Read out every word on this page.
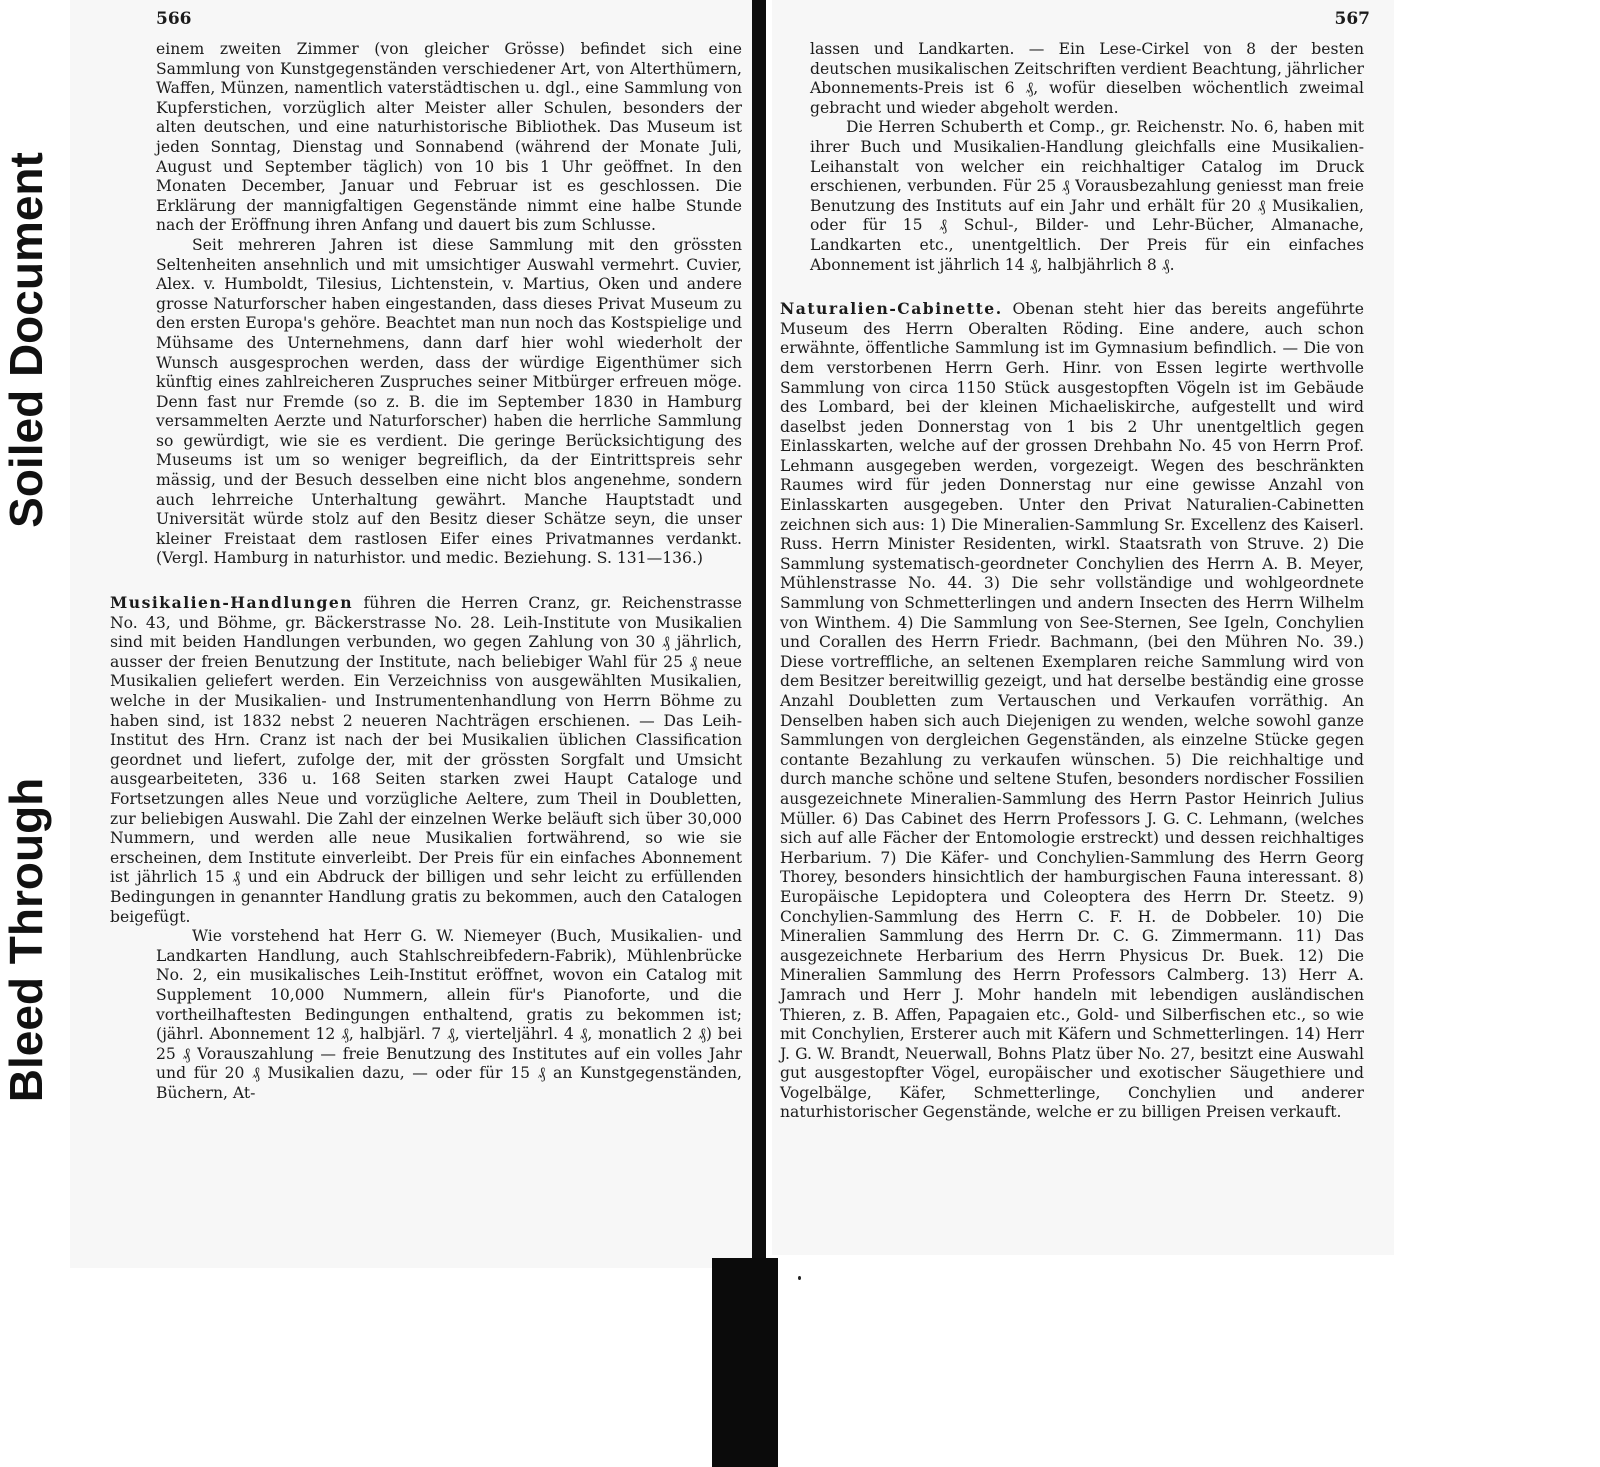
Soiled Document
Bleed Through
566

einem zweiten Zimmer (von gleicher Grösse) befindet sich eine Sammlung von Kunstgegenständen verschiedener Art, von Alterthümern, Waffen, Münzen, namentlich vaterstädtischen u. dgl., eine Sammlung von Kupferstichen, vorzüglich alter Meister aller Schulen, besonders der alten deutschen, und eine naturhistorische Bibliothek. Das Museum ist jeden Sonntag, Dienstag und Sonnabend (während der Monate Juli, August und September täglich) von 10 bis 1 Uhr geöffnet. In den Monaten December, Januar und Februar ist es geschlossen. Die Erklärung der mannigfaltigen Gegenstände nimmt eine halbe Stunde nach der Eröffnung ihren Anfang und dauert bis zum Schlusse.

Seit mehreren Jahren ist diese Sammlung mit den grössten Seltenheiten ansehnlich und mit umsichtiger Auswahl vermehrt. Cuvier, Alex. v. Humboldt, Tilesius, Lichtenstein, v. Martius, Oken und andere grosse Naturforscher haben eingestanden, dass dieses Privat Museum zu den ersten Europa's gehöre. Beachtet man nun noch das Kostspielige und Mühsame des Unternehmens, dann darf hier wohl wiederholt der Wunsch ausgesprochen werden, dass der würdige Eigenthümer sich künftig eines zahlreicheren Zuspruches seiner Mitbürger erfreuen möge. Denn fast nur Fremde (so z. B. die im September 1830 in Hamburg versammelten Aerzte und Naturforscher) haben die herrliche Sammlung so gewürdigt, wie sie es verdient. Die geringe Berücksichtigung des Museums ist um so weniger begreiflich, da der Eintrittspreis sehr mässig, und der Besuch desselben eine nicht blos angenehme, sondern auch lehrreiche Unterhaltung gewährt. Manche Hauptstadt und Universität würde stolz auf den Besitz dieser Schätze seyn, die unser kleiner Freistaat dem rastlosen Eifer eines Privatmannes verdankt. (Vergl. Hamburg in naturhistor. und medic. Beziehung. S. 131—136.)

Musikalien-Handlungen führen die Herren Cranz, gr. Reichenstrasse No. 43, und Böhme, gr. Bäckerstrasse No. 28. Leih-Institute von Musikalien sind mit beiden Handlungen verbunden, wo gegen Zahlung von 30 ₰ jährlich, ausser der freien Benutzung der Institute, nach beliebiger Wahl für 25 ₰ neue Musikalien geliefert werden. Ein Verzeichniss von ausgewählten Musikalien, welche in der Musikalien- und Instrumentenhandlung von Herrn Böhme zu haben sind, ist 1832 nebst 2 neueren Nachträgen erschienen. — Das Leih-Institut des Hrn. Cranz ist nach der bei Musikalien üblichen Classification geordnet und liefert, zufolge der, mit der grössten Sorgfalt und Umsicht ausgearbeiteten, 336 u. 168 Seiten starken zwei Haupt Cataloge und Fortsetzungen alles Neue und vorzügliche Aeltere, zum Theil in Doubletten, zur beliebigen Auswahl. Die Zahl der einzelnen Werke beläuft sich über 30,000 Nummern, und werden alle neue Musikalien fortwährend, so wie sie erscheinen, dem Institute einverleibt. Der Preis für ein einfaches Abonnement ist jährlich 15 ₰ und ein Abdruck der billigen und sehr leicht zu erfüllenden Bedingungen in genannter Handlung gratis zu bekommen, auch den Catalogen beigefügt.

Wie vorstehend hat Herr G. W. Niemeyer (Buch, Musikalien- und Landkarten Handlung, auch Stahlschreibfedern-Fabrik), Mühlenbrücke No. 2, ein musikalisches Leih-Institut eröffnet, wovon ein Catalog mit Supplement 10,000 Nummern, allein für's Pianoforte, und die vortheilhaftesten Bedingungen enthaltend, gratis zu bekommen ist; (jährl. Abonnement 12 ₰, halbjärl. 7 ₰, vierteljährl. 4 ₰, monatlich 2 ₰) bei 25 ₰ Vorauszahlung — freie Benutzung des Institutes auf ein volles Jahr und für 20 ₰ Musikalien dazu, — oder für 15 ₰ an Kunstgegenständen, Büchern, At-

567

lassen und Landkarten. — Ein Lese-Cirkel von 8 der besten deutschen musikalischen Zeitschriften verdient Beachtung, jährlicher Abonnements-Preis ist 6 ₰, wofür dieselben wöchentlich zweimal gebracht und wieder abgeholt werden.

Die Herren Schuberth et Comp., gr. Reichenstr. No. 6, haben mit ihrer Buch und Musikalien-Handlung gleichfalls eine Musikalien-Leihanstalt von welcher ein reichhaltiger Catalog im Druck erschienen, verbunden. Für 25 ₰ Vorausbezahlung geniesst man freie Benutzung des Instituts auf ein Jahr und erhält für 20 ₰ Musikalien, oder für 15 ₰ Schul-, Bilder- und Lehr-Bücher, Almanache, Landkarten etc., unentgeltlich. Der Preis für ein einfaches Abonnement ist jährlich 14 ₰, halbjährlich 8 ₰.

Naturalien-Cabinette. Obenan steht hier das bereits angeführte Museum des Herrn Oberalten Röding. Eine andere, auch schon erwähnte, öffentliche Sammlung ist im Gymnasium befindlich. — Die von dem verstorbenen Herrn Gerh. Hinr. von Essen legirte werthvolle Sammlung von circa 1150 Stück ausgestopften Vögeln ist im Gebäude des Lombard, bei der kleinen Michaeliskirche, aufgestellt und wird daselbst jeden Donnerstag von 1 bis 2 Uhr unentgeltlich gegen Einlasskarten, welche auf der grossen Drehbahn No. 45 von Herrn Prof. Lehmann ausgegeben werden, vorgezeigt. Wegen des beschränkten Raumes wird für jeden Donnerstag nur eine gewisse Anzahl von Einlasskarten ausgegeben. Unter den Privat Naturalien-Cabinetten zeichnen sich aus: 1) Die Mineralien-Sammlung Sr. Excellenz des Kaiserl. Russ. Herrn Minister Residenten, wirkl. Staatsrath von Struve. 2) Die Sammlung systematisch-geordneter Conchylien des Herrn A. B. Meyer, Mühlenstrasse No. 44. 3) Die sehr vollständige und wohlgeordnete Sammlung von Schmetterlingen und andern Insecten des Herrn Wilhelm von Winthem. 4) Die Sammlung von See-Sternen, See Igeln, Conchylien und Corallen des Herrn Friedr. Bachmann, (bei den Mühren No. 39.) Diese vortreffliche, an seltenen Exemplaren reiche Sammlung wird von dem Besitzer bereitwillig gezeigt, und hat derselbe beständig eine grosse Anzahl Doubletten zum Vertauschen und Verkaufen vorräthig. An Denselben haben sich auch Diejenigen zu wenden, welche sowohl ganze Sammlungen von dergleichen Gegenständen, als einzelne Stücke gegen contante Bezahlung zu verkaufen wünschen. 5) Die reichhaltige und durch manche schöne und seltene Stufen, besonders nordischer Fossilien ausgezeichnete Mineralien-Sammlung des Herrn Pastor Heinrich Julius Müller. 6) Das Cabinet des Herrn Professors J. G. C. Lehmann, (welches sich auf alle Fächer der Entomologie erstreckt) und dessen reichhaltiges Herbarium. 7) Die Käfer- und Conchylien-Sammlung des Herrn Georg Thorey, besonders hinsichtlich der hamburgischen Fauna interessant. 8) Europäische Lepidoptera und Coleoptera des Herrn Dr. Steetz. 9) Conchylien-Sammlung des Herrn C. F. H. de Dobbeler. 10) Die Mineralien Sammlung des Herrn Dr. C. G. Zimmermann. 11) Das ausgezeichnete Herbarium des Herrn Physicus Dr. Buek. 12) Die Mineralien Sammlung des Herrn Professors Calmberg. 13) Herr A. Jamrach und Herr J. Mohr handeln mit lebendigen ausländischen Thieren, z. B. Affen, Papagaien etc., Gold- und Silberfischen etc., so wie mit Conchylien, Ersterer auch mit Käfern und Schmetterlingen. 14) Herr J. G. W. Brandt, Neuerwall, Bohns Platz über No. 27, besitzt eine Auswahl gut ausgestopfter Vögel, europäischer und exotischer Säugethiere und Vogelbälge, Käfer, Schmetterlinge, Conchylien und anderer naturhistorischer Gegenstände, welche er zu billigen Preisen verkauft.
